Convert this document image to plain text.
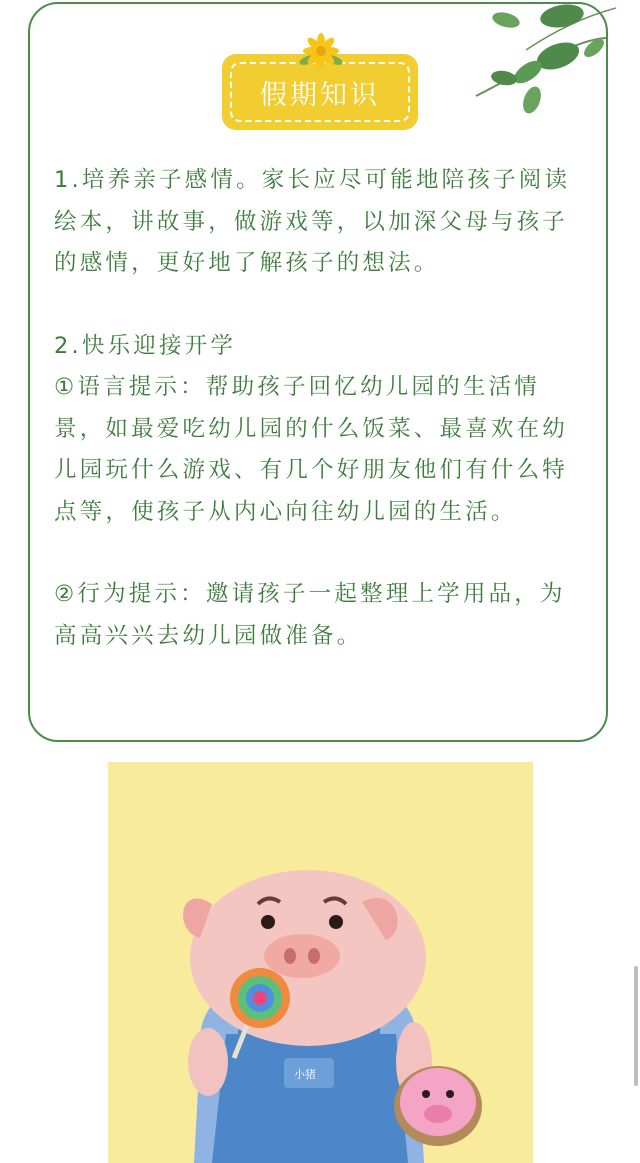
假期知识

1.培养亲子感情。家长应尽可能地陪孩子阅读绘本，讲故事，做游戏等，以加深父母与孩子的感情，更好地了解孩子的想法。

2.快乐迎接开学

①语言提示：帮助孩子回忆幼儿园的生活情景，如最爱吃幼儿园的什么饭菜、最喜欢在幼儿园玩什么游戏、有几个好朋友他们有什么特点等，使孩子从内心向往幼儿园的生活。

②行为提示：邀请孩子一起整理上学用品，为高高兴兴去幼儿园做准备。

小猪
